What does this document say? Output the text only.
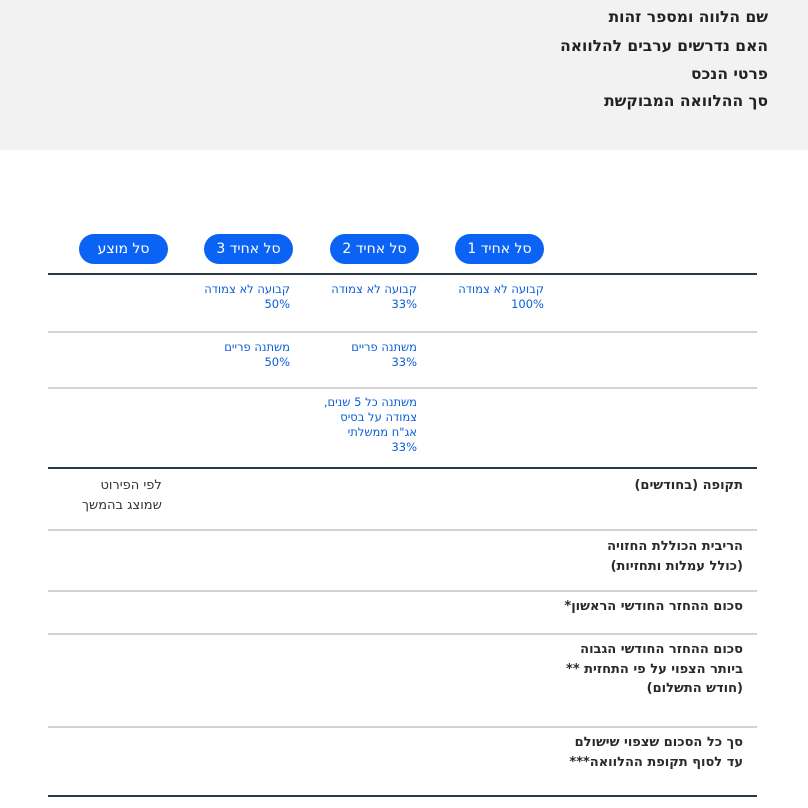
שם הלווה ומספר זהות
האם נדרשים ערבים להלוואה
פרטי הנכס
סך ההלוואה המבוקשת
סל אחיד 1
סל אחיד 2
סל אחיד 3
סל מוצע
קבועה לא צמודה
100%
קבועה לא צמודה
33%
קבועה לא צמודה
50%
משתנה פריים
33%
משתנה פריים
50%
משתנה כל 5 שנים,
צמודה על בסיס
אג"ח ממשלתי
33%
תקופה (בחודשים)
לפי הפירוט
שמוצג בהמשך
הריבית הכוללת החזויה
(כולל עמלות ותחזיות)
סכום ההחזר החודשי הראשון*
סכום ההחזר החודשי הגבוה
ביותר הצפוי על פי התחזית **
(חודש התשלום)
סך כל הסכום שצפוי שישולם
עד לסוף תקופת ההלוואה***
